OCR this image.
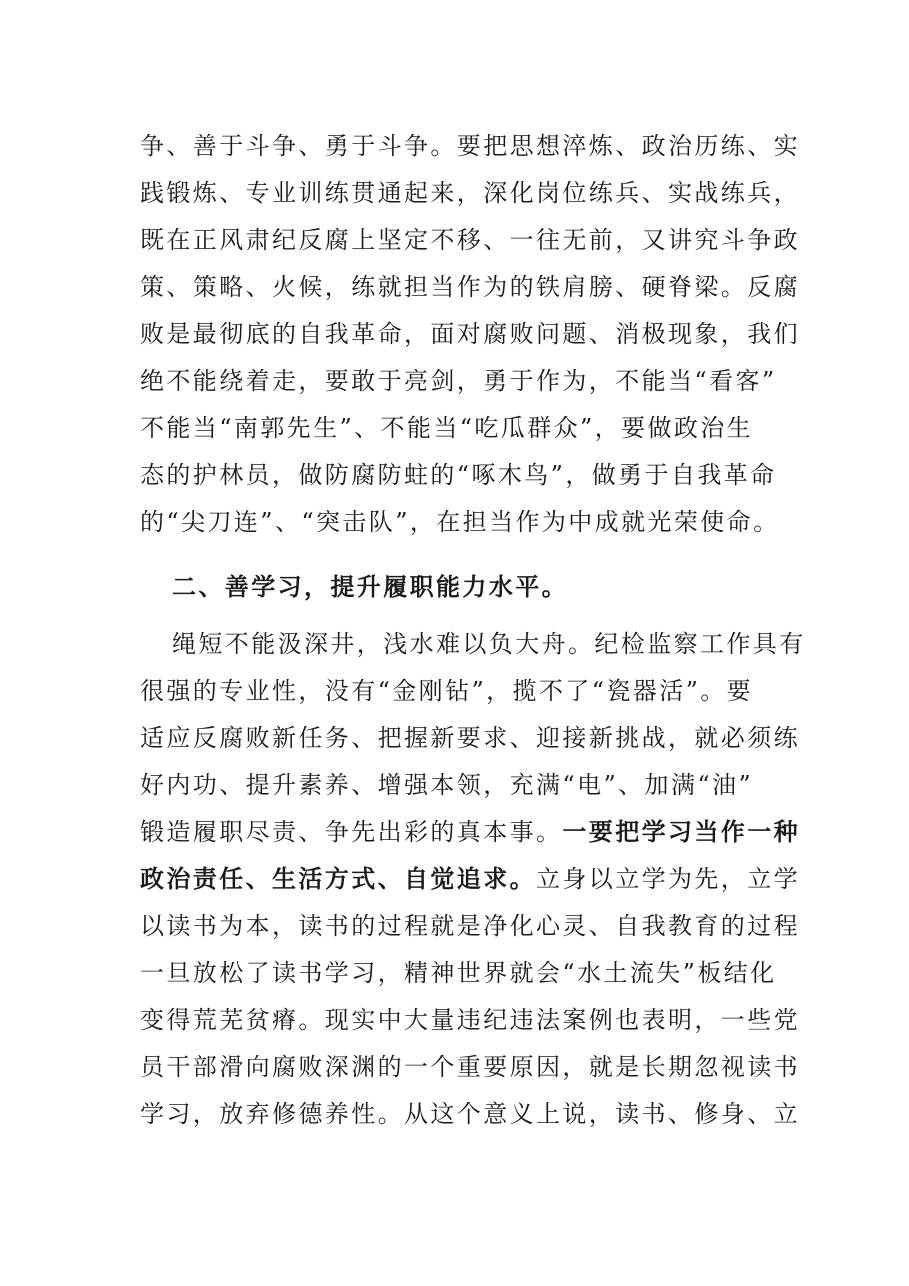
争、善于斗争、勇于斗争。要把思想淬炼、政治历练、实
践锻炼、专业训练贯通起来，深化岗位练兵、实战练兵，
既在正风肃纪反腐上坚定不移、一往无前，又讲究斗争政
策、策略、火候，练就担当作为的铁肩膀、硬脊梁。反腐
败是最彻底的自我革命，面对腐败问题、消极现象，我们
绝不能绕着走，要敢于亮剑，勇于作为，不能当“看客”
不能当“南郭先生”、不能当“吃瓜群众”，要做政治生
态的护林员，做防腐防蛀的“啄木鸟”，做勇于自我革命
的“尖刀连”、“突击队”，在担当作为中成就光荣使命。
二、善学习，提升履职能力水平。
绳短不能汲深井，浅水难以负大舟。纪检监察工作具有
很强的专业性，没有“金刚钻”，揽不了“瓷器活”。要
适应反腐败新任务、把握新要求、迎接新挑战，就必须练
好内功、提升素养、增强本领，充满“电”、加满“油”
锻造履职尽责、争先出彩的真本事。一要把学习当作一种
政治责任、生活方式、自觉追求。立身以立学为先，立学
以读书为本，读书的过程就是净化心灵、自我教育的过程
一旦放松了读书学习，精神世界就会“水土流失”板结化
变得荒芜贫瘠。现实中大量违纪违法案例也表明，一些党
员干部滑向腐败深渊的一个重要原因，就是长期忽视读书
学习，放弃修德养性。从这个意义上说，读书、修身、立
